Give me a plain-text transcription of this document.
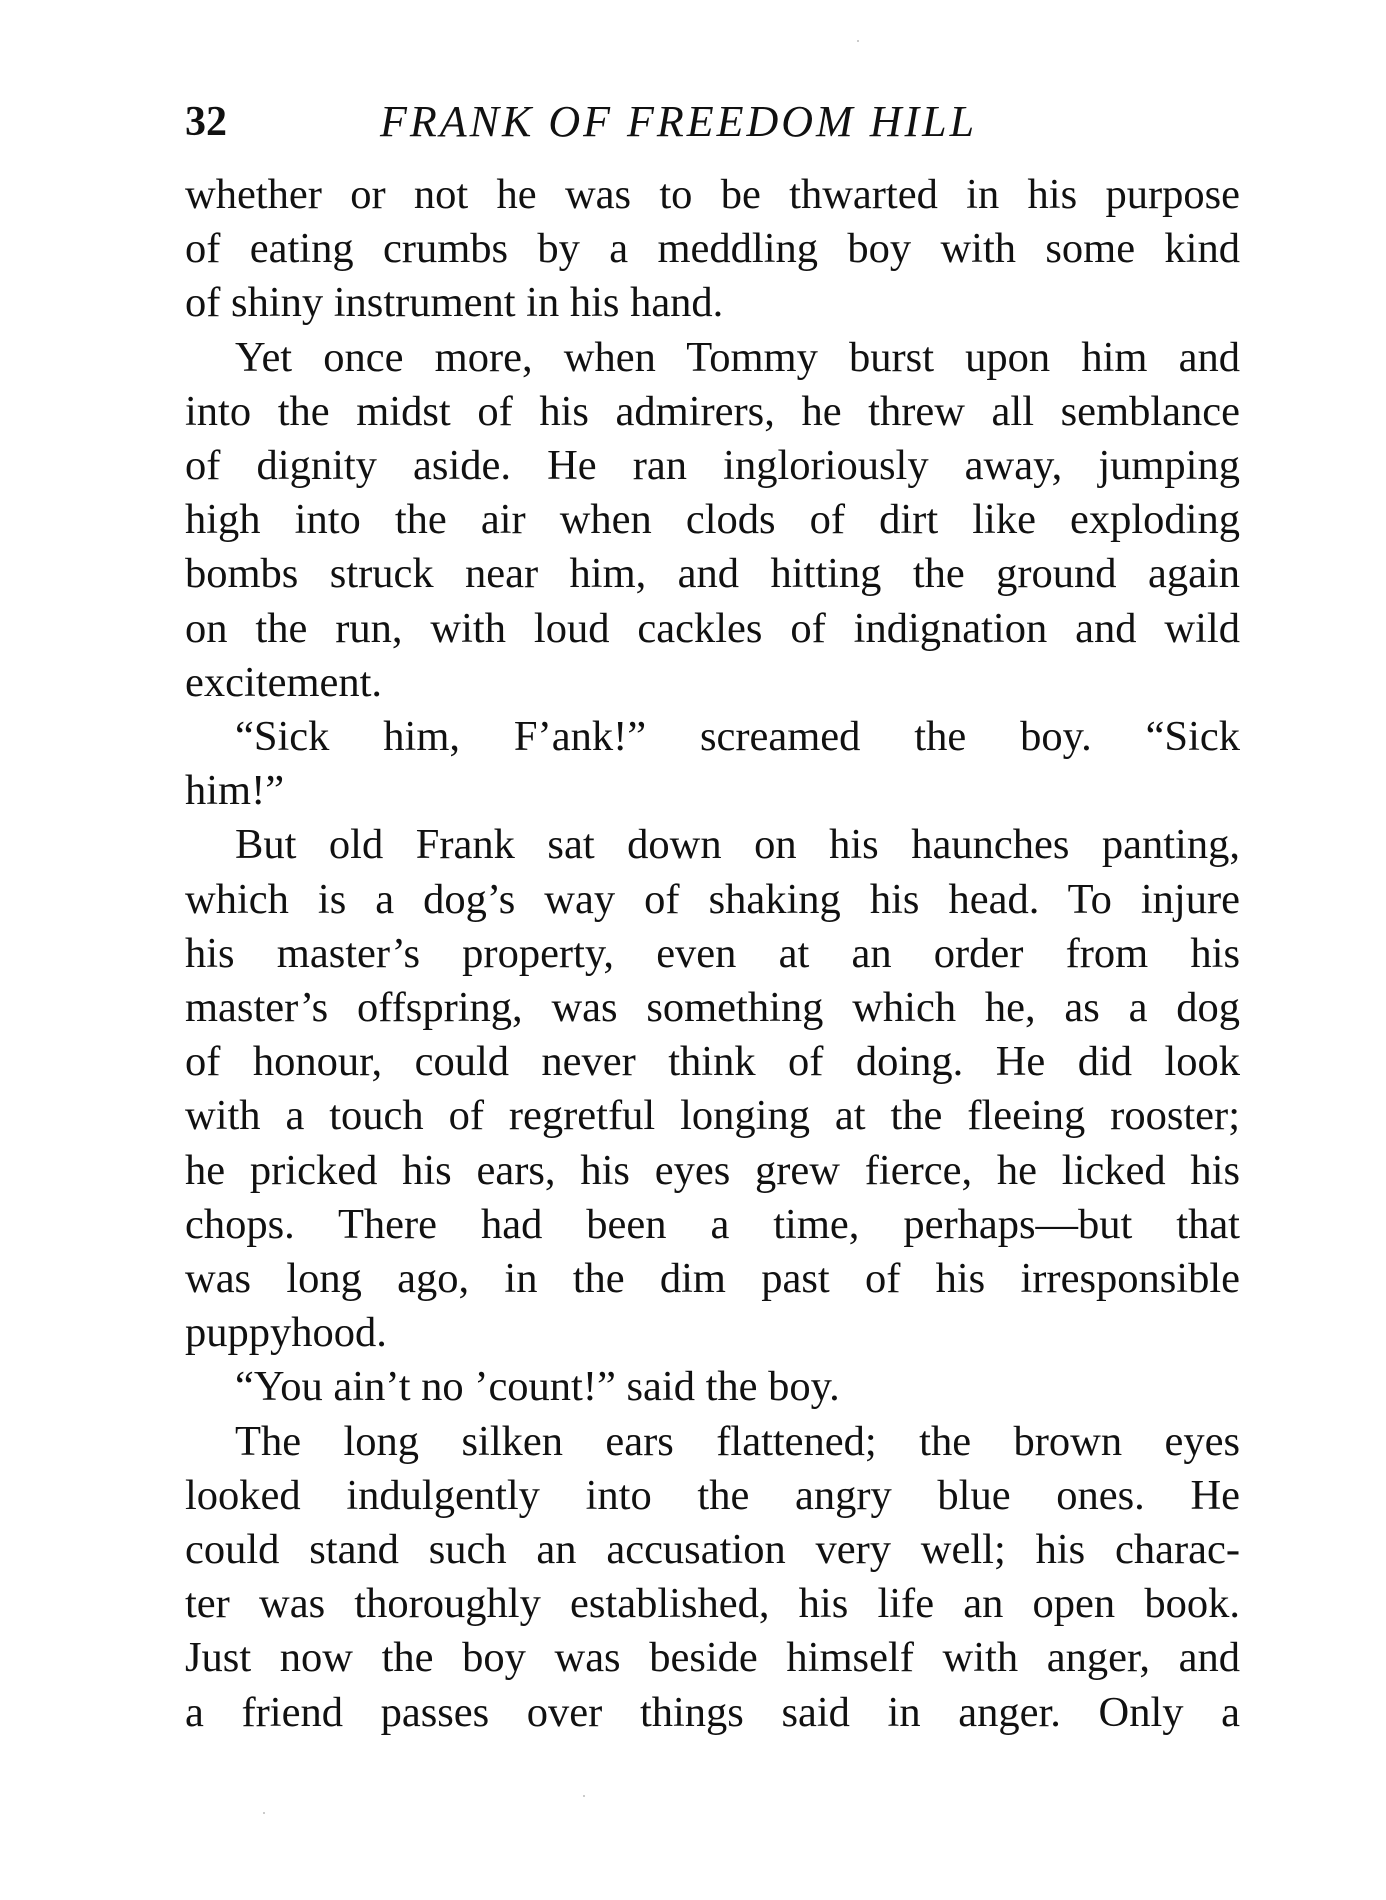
32	FRANK OF FREEDOM HILL
whether or not he was to be thwarted in his purpose
of eating crumbs by a meddling boy with some kind
of shiny instrument in his hand.
Yet once more, when Tommy burst upon him and
into the midst of his admirers, he threw all semblance
of dignity aside. He ran ingloriously away, jumping
high into the air when clods of dirt like exploding
bombs struck near him, and hitting the ground again
on the run, with loud cackles of indignation and wild
excitement.
“Sick him, F’ank!” screamed the boy. “Sick
him!”
But old Frank sat down on his haunches panting,
which is a dog’s way of shaking his head. To injure
his master’s property, even at an order from his
master’s offspring, was something which he, as a dog
of honour, could never think of doing. He did look
with a touch of regretful longing at the fleeing rooster;
he pricked his ears, his eyes grew fierce, he licked his
chops. There had been a time, perhaps—but that
was long ago, in the dim past of his irresponsible
puppyhood.
“You ain’t no ’count!” said the boy.
The long silken ears flattened; the brown eyes
looked indulgently into the angry blue ones. He
could stand such an accusation very well; his charac-
ter was thoroughly established, his life an open book.
Just now the boy was beside himself with anger, and
a friend passes over things said in anger. Only a
